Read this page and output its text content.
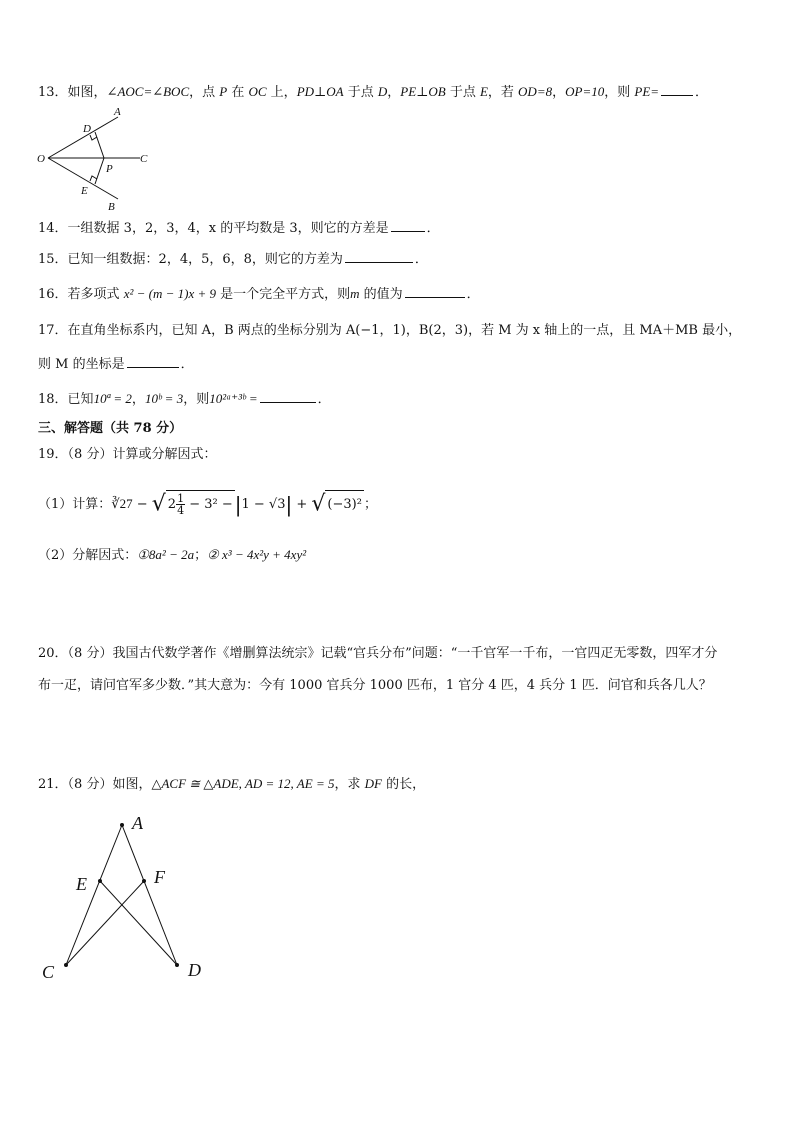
13．如图，∠AOC=∠BOC，点 P 在 OC 上，PD⊥OA 于点 D，PE⊥OB 于点 E，若 OD=8，OP=10，则 PE=	．
A
O
D
P
C
E
B
14．一组数据 3，2，3，4，x 的平均数是 3，则它的方差是	．
15．已知一组数据：2，4，5，6，8，则它的方差为	．
16．若多项式 x² − (m − 1)x + 9 是一个完全平方式，则m 的值为	．
17．在直角坐标系内，已知 A，B 两点的坐标分别为 A(−1，1)，B(2，3)，若 M 为 x 轴上的一点，且 MA＋MB 最小，
则 M 的坐标是	．
18．已知10ª = 2，10ᵇ = 3，则10²ᵃ⁺³ᵇ =	．
三、解答题（共 78 分）
19．（8 分）计算或分解因式：
（1）计算：∛27 − √ $2 \frac{1}{4} - 3^2 -|1 - √3|$ + √ (−3)² ；
（2）分解因式：①8a² − 2a；② x³ − 4x²y + 4xy²
20．（8 分）我国古代数学著作《增删算法统宗》记载“官兵分布”问题：“一千官军一千布，一官四疋无零数，四军才分
布一疋，请问官军多少数．”其大意为：今有 1000 官兵分 1000 匹布，1 官分 4 匹，4 兵分 1 匹．问官和兵各几人？
21．（8 分）如图，△ACF ≅ △ADE, AD = 12, AE = 5，求 DF 的长，
A
E	F
C	D
